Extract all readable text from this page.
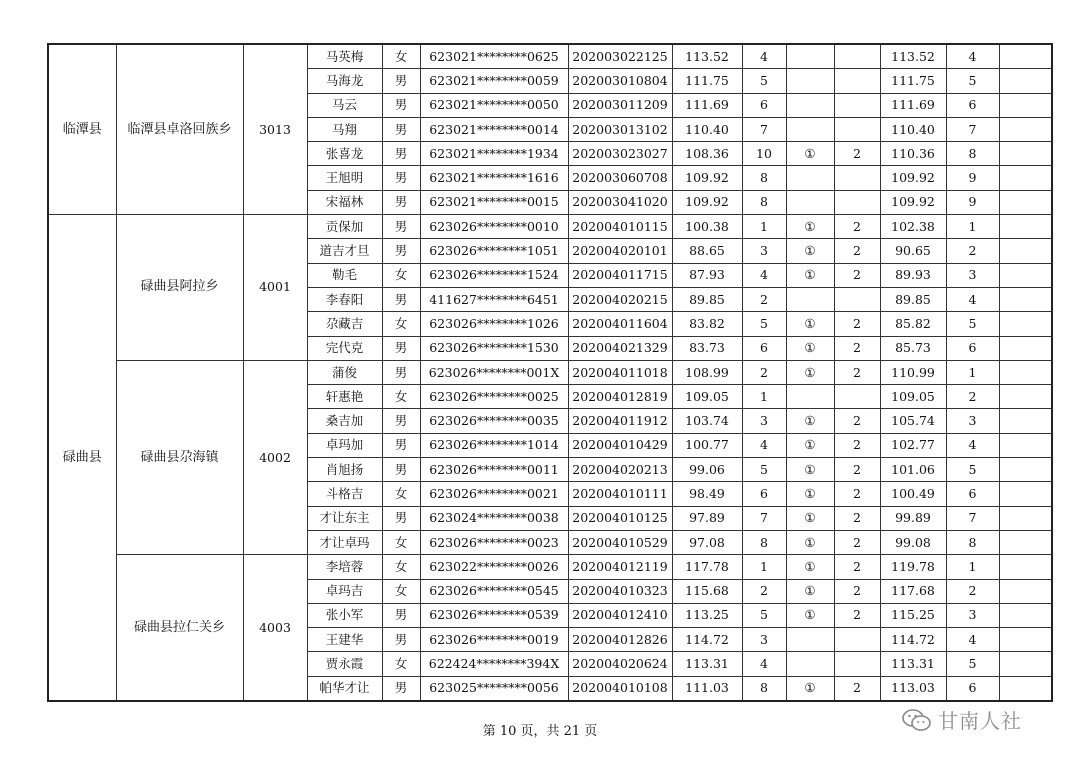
临潭县	临潭县卓洛回族乡	3013	马英梅	女	623021********0625	202003022125	113.52	4			113.52	4	
			马海龙	男	623021********0059	202003010804	111.75	5			111.75	5	
			马云	男	623021********0050	202003011209	111.69	6			111.69	6	
			马翔	男	623021********0014	202003013102	110.40	7			110.40	7	
			张喜龙	男	623021********1934	202003023027	108.36	10	①	2	110.36	8	
			王旭明	男	623021********1616	202003060708	109.92	8			109.92	9	
			宋福林	男	623021********0015	202003041020	109.92	8			109.92	9	
碌曲县	碌曲县阿拉乡	4001	贡保加	男	623026********0010	202004010115	100.38	1	①	2	102.38	1	
			道吉才旦	男	623026********1051	202004020101	88.65	3	①	2	90.65	2	
			勒毛	女	623026********1524	202004011715	87.93	4	①	2	89.93	3	
			李春阳	男	411627********6451	202004020215	89.85	2			89.85	4	
			尕藏吉	女	623026********1026	202004011604	83.82	5	①	2	85.82	5	
			完代克	男	623026********1530	202004021329	83.73	6	①	2	85.73	6	
	碌曲县尕海镇	4002	蒲俊	男	623026********001X	202004011018	108.99	2	①	2	110.99	1	
			轩惠艳	女	623026********0025	202004012819	109.05	1			109.05	2	
			桑吉加	男	623026********0035	202004011912	103.74	3	①	2	105.74	3	
			卓玛加	男	623026********1014	202004010429	100.77	4	①	2	102.77	4	
			肖旭扬	男	623026********0011	202004020213	99.06	5	①	2	101.06	5	
			斗格吉	女	623026********0021	202004010111	98.49	6	①	2	100.49	6	
			才让东主	男	623024********0038	202004010125	97.89	7	①	2	99.89	7	
			才让卓玛	女	623026********0023	202004010529	97.08	8	①	2	99.08	8	
	碌曲县拉仁关乡	4003	李培蓉	女	623022********0026	202004012119	117.78	1	①	2	119.78	1	
			卓玛吉	女	623026********0545	202004010323	115.68	2	①	2	117.68	2	
			张小军	男	623026********0539	202004012410	113.25	5	①	2	115.25	3	
			王建华	男	623026********0019	202004012826	114.72	3			114.72	4	
			贾永霞	女	622424********394X	202004020624	113.31	4			113.31	5	
			帕华才让	男	623025********0056	202004010108	111.03	8	①	2	113.03	6	
第 10 页，共 21 页	甘南人社
